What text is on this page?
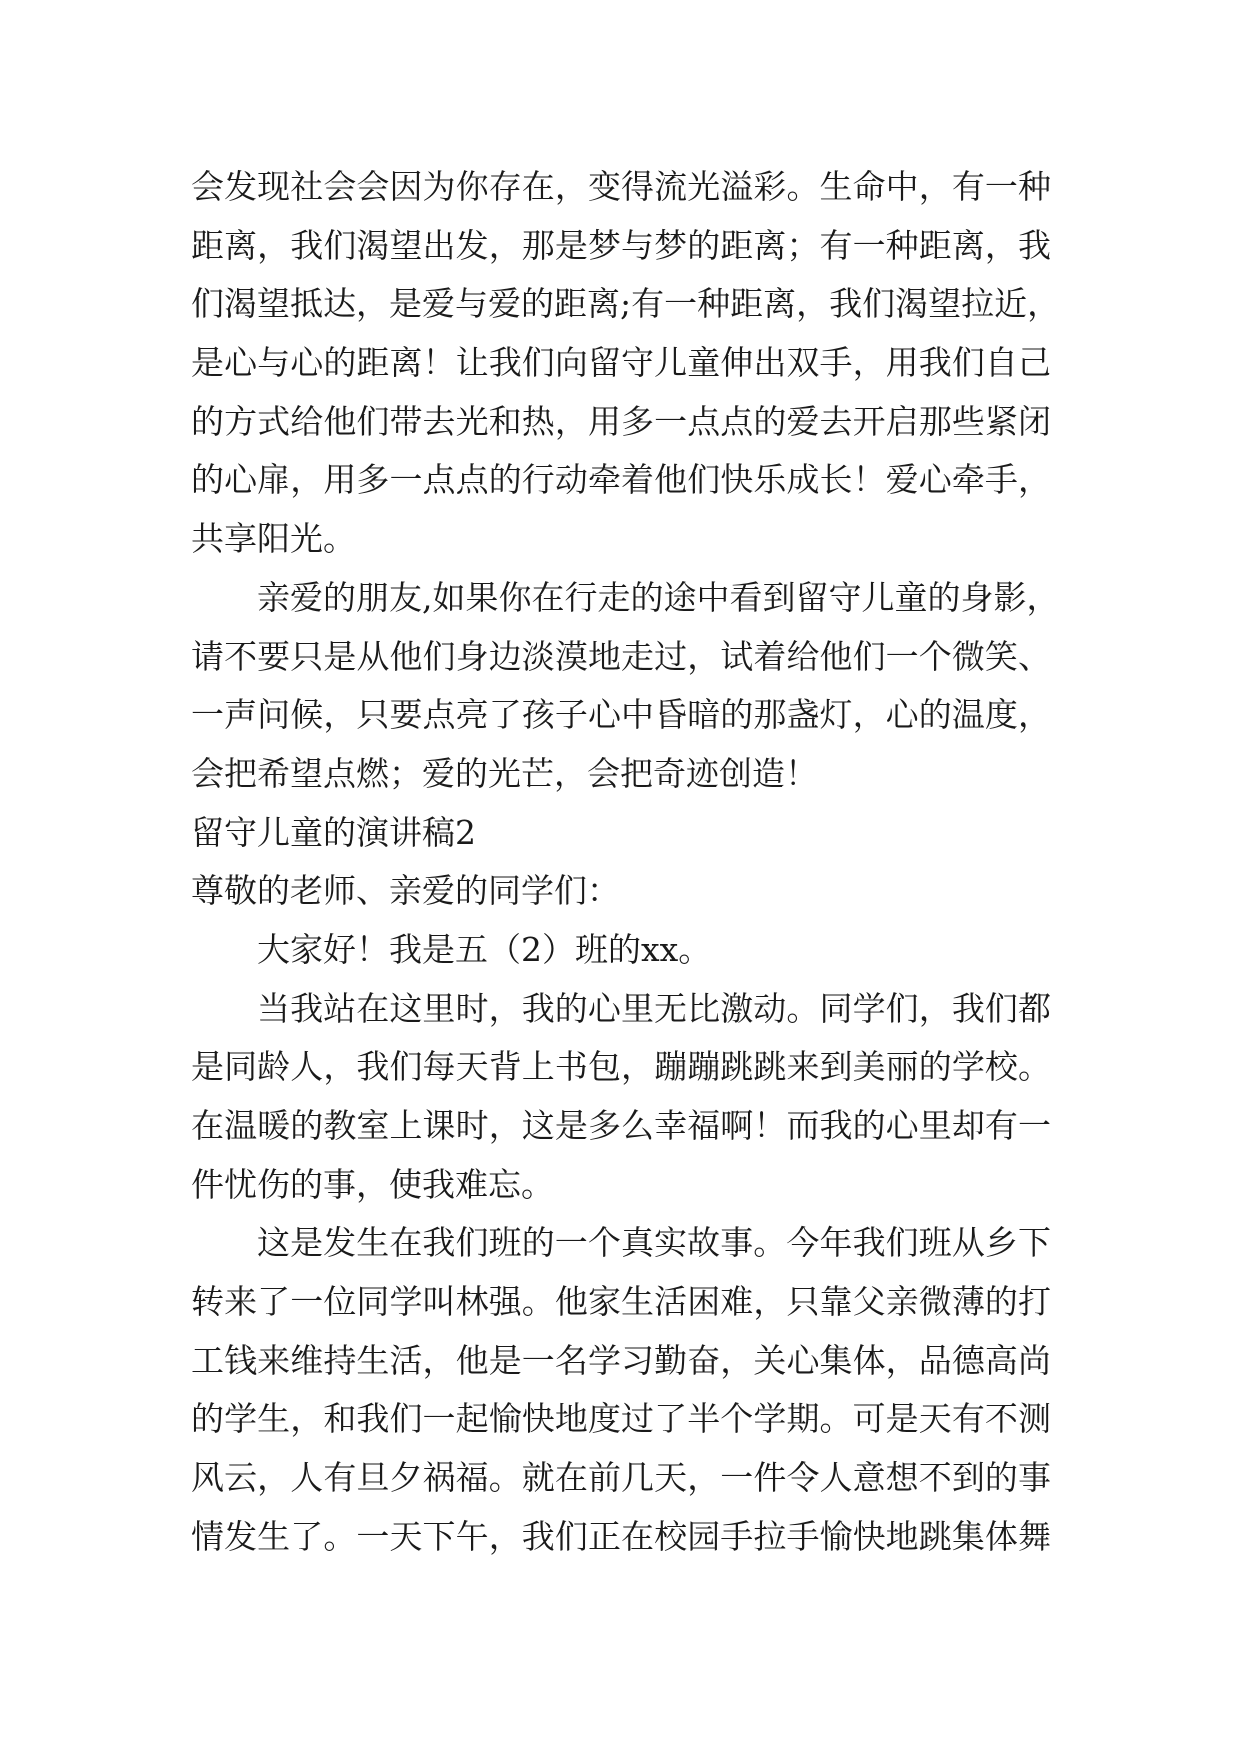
会发现社会会因为你存在，变得流光溢彩。生命中，有一种
距离，我们渴望出发，那是梦与梦的距离；有一种距离，我
们渴望抵达，是爱与爱的距离;有一种距离，我们渴望拉近，
是心与心的距离！让我们向留守儿童伸出双手，用我们自己
的方式给他们带去光和热，用多一点点的爱去开启那些紧闭
的心扉，用多一点点的行动牵着他们快乐成长！爱心牵手，
共享阳光。
亲爱的朋友,如果你在行走的途中看到留守儿童的身影，
请不要只是从他们身边淡漠地走过，试着给他们一个微笑、
一声问候，只要点亮了孩子心中昏暗的那盏灯，心的温度，
会把希望点燃；爱的光芒，会把奇迹创造！
留守儿童的演讲稿2
尊敬的老师、亲爱的同学们：
大家好！我是五（2）班的xx。
当我站在这里时，我的心里无比激动。同学们，我们都
是同龄人，我们每天背上书包，蹦蹦跳跳来到美丽的学校。
在温暖的教室上课时，这是多么幸福啊！而我的心里却有一
件忧伤的事，使我难忘。
这是发生在我们班的一个真实故事。今年我们班从乡下
转来了一位同学叫林强。他家生活困难，只靠父亲微薄的打
工钱来维持生活，他是一名学习勤奋，关心集体，品德高尚
的学生，和我们一起愉快地度过了半个学期。可是天有不测
风云，人有旦夕祸福。就在前几天，一件令人意想不到的事
情发生了。一天下午，我们正在校园手拉手愉快地跳集体舞
